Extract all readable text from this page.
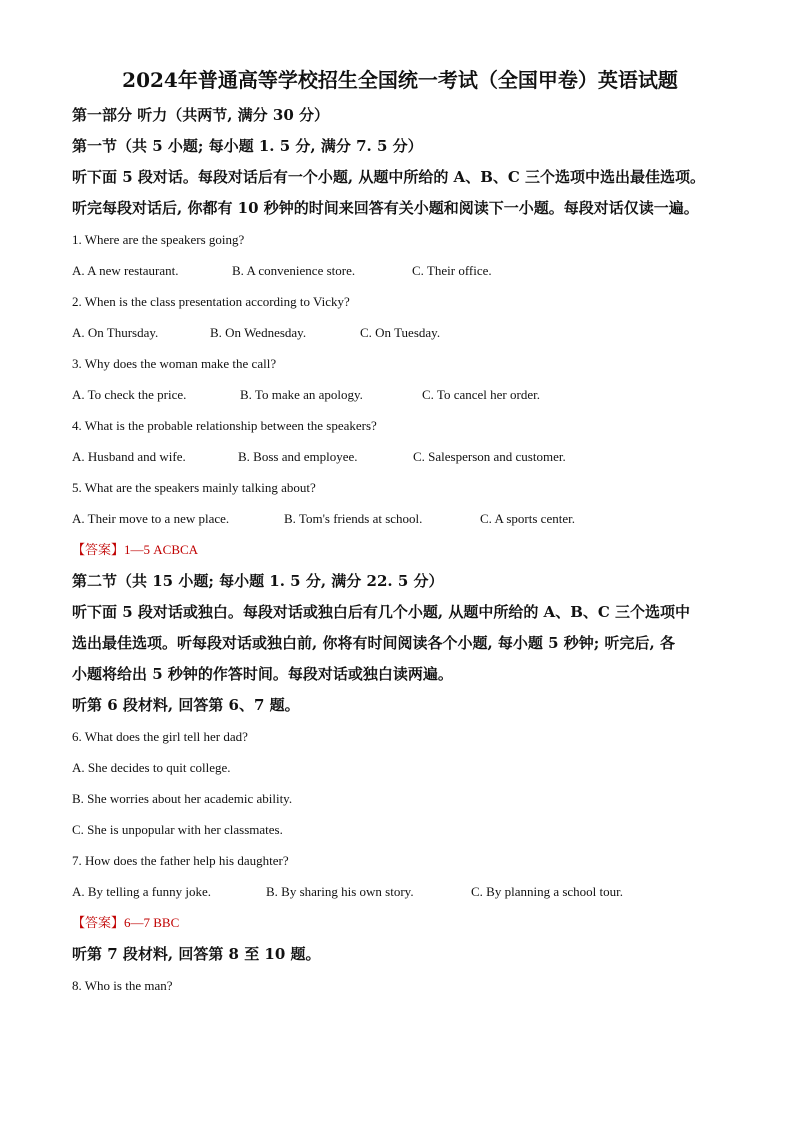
2024年普通高等学校招生全国统一考试（全国甲卷）英语试题

第一部分 听力（共两节, 满分 30 分）

第一节（共 5 小题; 每小题 1. 5 分, 满分 7. 5 分）

听下面 5 段对话。每段对话后有一个小题, 从题中所给的 A、B、C 三个选项中选出最佳选项。

听完每段对话后, 你都有 10 秒钟的时间来回答有关小题和阅读下一小题。每段对话仅读一遍。

1. Where are the speakers going?

A. A new restaurant.	B. A convenience store.	C. Their office.

2. When is the class presentation according to Vicky?

A. On Thursday.	B. On Wednesday.	C. On Tuesday.

3. Why does the woman make the call?

A. To check the price.	B. To make an apology.	C. To cancel her order.

4. What is the probable relationship between the speakers?

A. Husband and wife.	B. Boss and employee.	C. Salesperson and customer.

5. What are the speakers mainly talking about?

A. Their move to a new place.	B. Tom's friends at school.	C. A sports center.

【答案】1—5 ACBCA

第二节（共 15 小题; 每小题 1. 5 分, 满分 22. 5 分）

听下面 5 段对话或独白。每段对话或独白后有几个小题, 从题中所给的 A、B、C 三个选项中

选出最佳选项。听每段对话或独白前, 你将有时间阅读各个小题, 每小题 5 秒钟; 听完后, 各

小题将给出 5 秒钟的作答时间。每段对话或独白读两遍。

听第 6 段材料, 回答第 6、7 题。

6. What does the girl tell her dad?

A. She decides to quit college.

B. She worries about her academic ability.

C. She is unpopular with her classmates.

7. How does the father help his daughter?

A. By telling a funny joke.	B. By sharing his own story.	C. By planning a school tour.

【答案】6—7 BBC

听第 7 段材料, 回答第 8 至 10 题。

8. Who is the man?
